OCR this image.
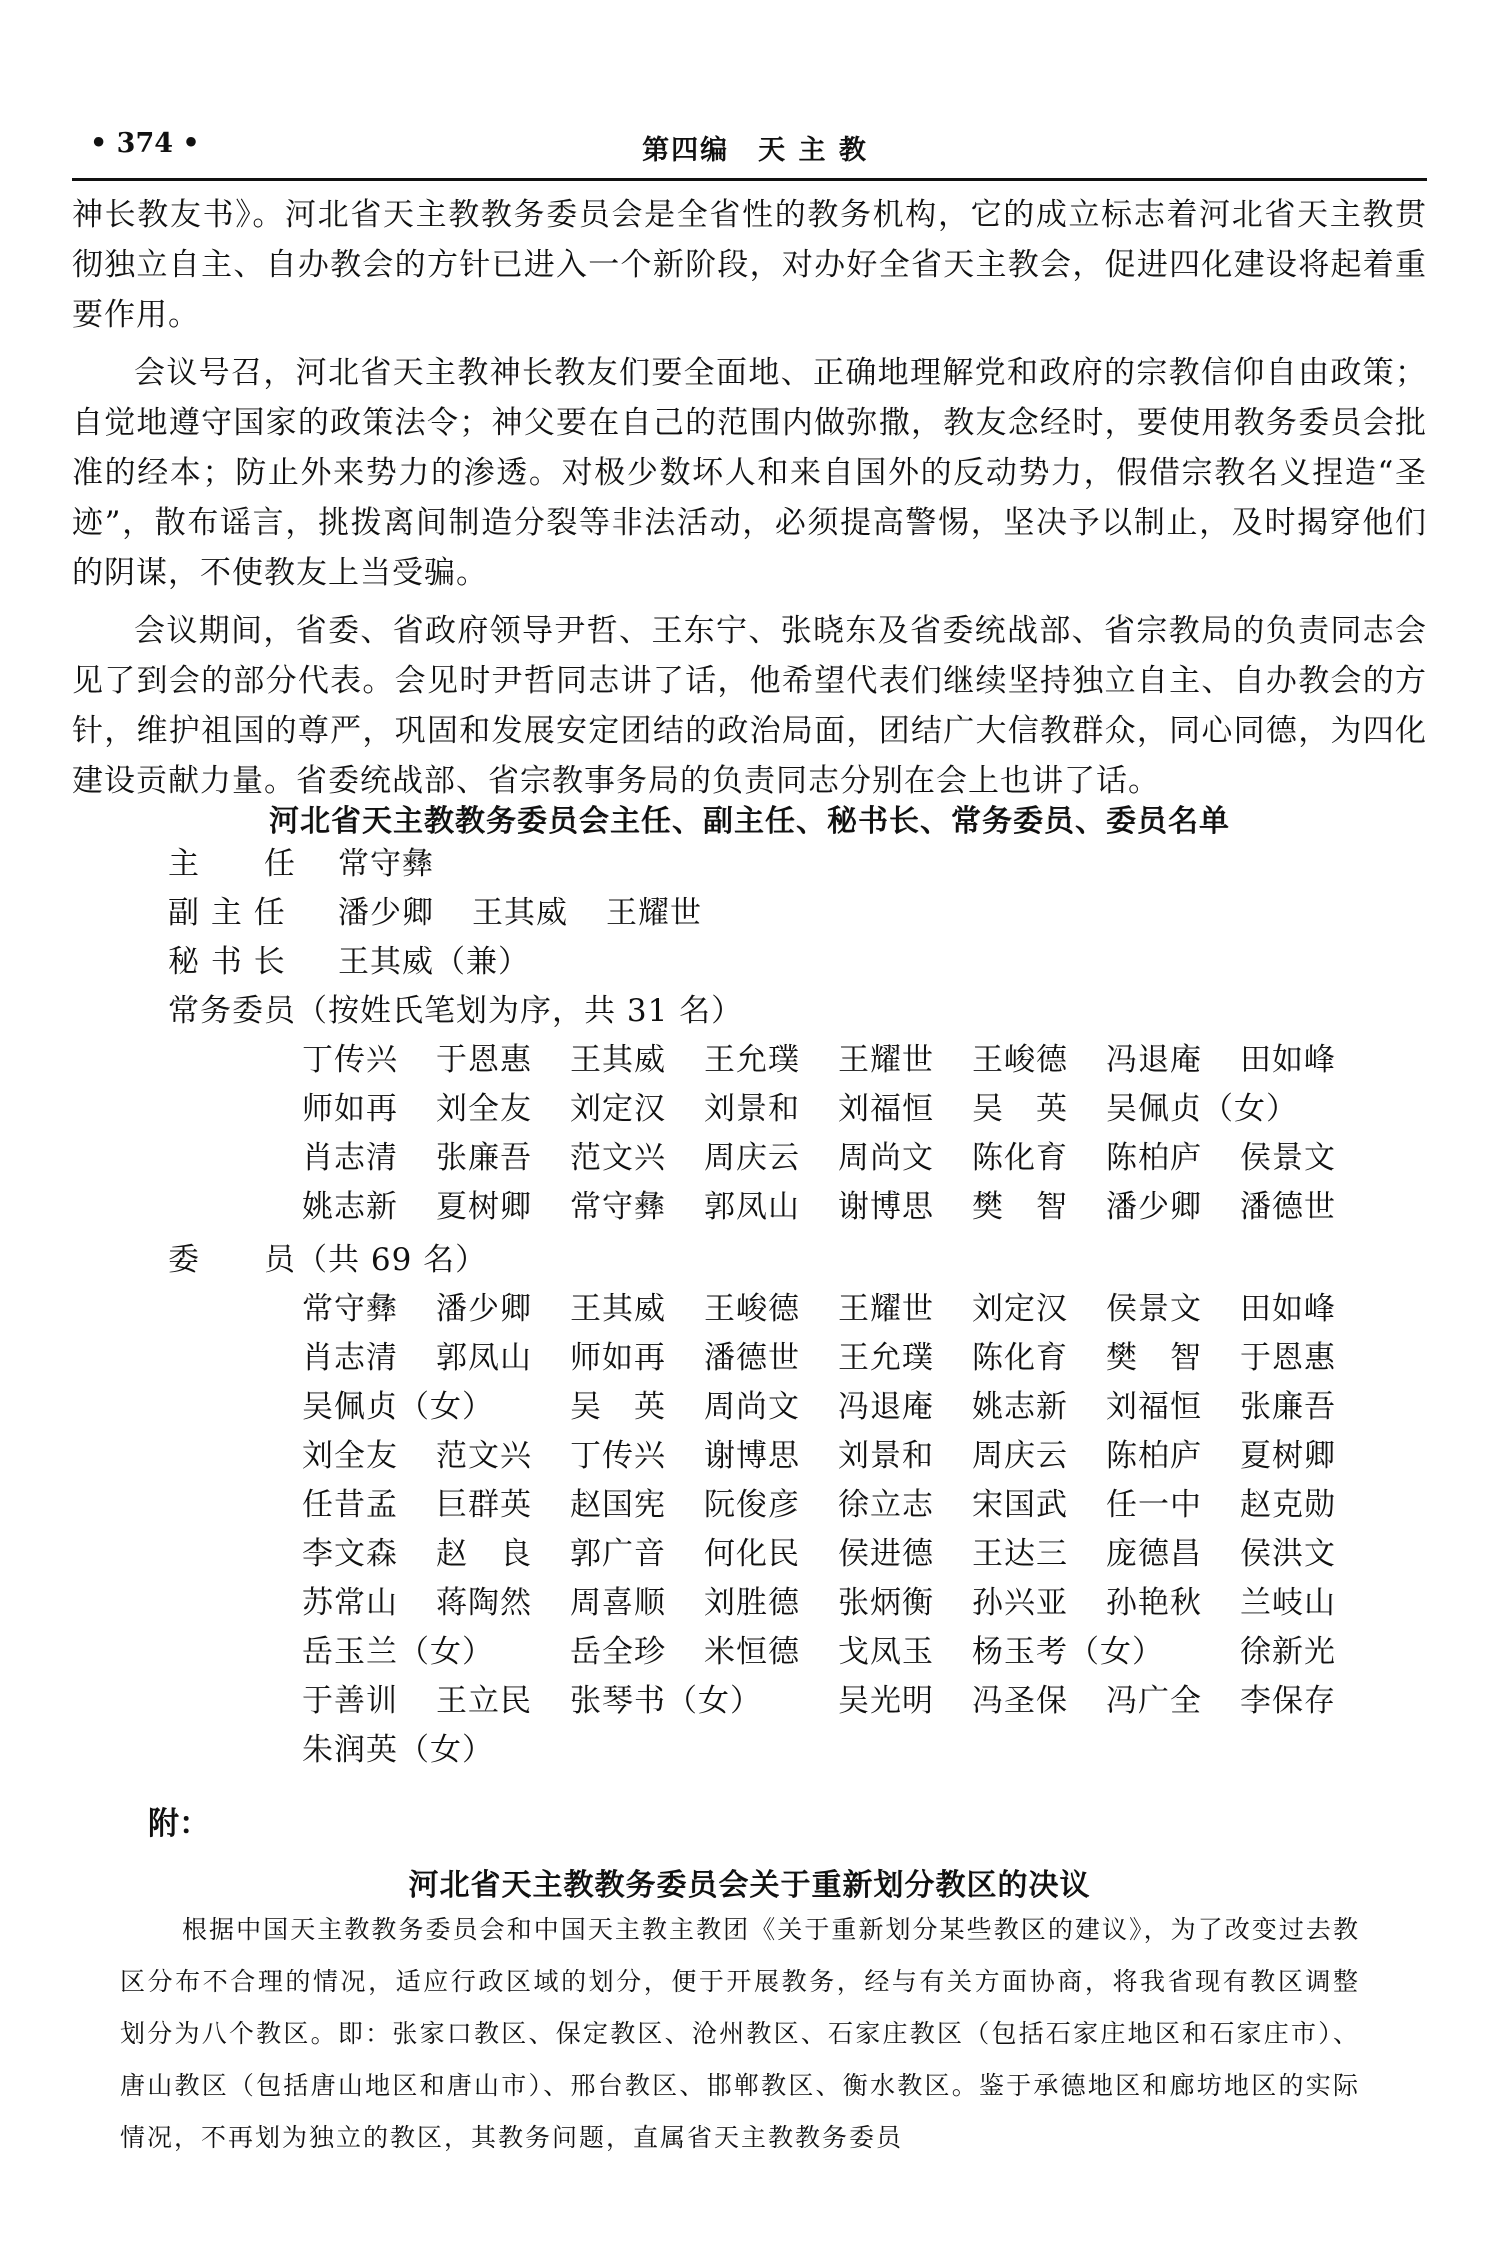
• 374 •	第四编　天 主 教

神长教友书》。河北省天主教教务委员会是全省性的教务机构，它的成立标志着河北省天主教贯彻独立自主、自办教会的方针已进入一个新阶段，对办好全省天主教会，促进四化建设将起着重要作用。

会议号召，河北省天主教神长教友们要全面地、正确地理解党和政府的宗教信仰自由政策；自觉地遵守国家的政策法令；神父要在自己的范围内做弥撒，教友念经时，要使用教务委员会批准的经本；防止外来势力的渗透。对极少数坏人和来自国外的反动势力，假借宗教名义捏造“圣迹”，散布谣言，挑拨离间制造分裂等非法活动，必须提高警惕，坚决予以制止，及时揭穿他们的阴谋，不使教友上当受骗。

会议期间，省委、省政府领导尹哲、王东宁、张晓东及省委统战部、省宗教局的负责同志会见了到会的部分代表。会见时尹哲同志讲了话，他希望代表们继续坚持独立自主、自办教会的方针，维护祖国的尊严，巩固和发展安定团结的政治局面，团结广大信教群众，同心同德，为四化建设贡献力量。省委统战部、省宗教事务局的负责同志分别在会上也讲了话。

河北省天主教教务委员会主任、副主任、秘书长、常务委员、委员名单
主　　任 常守彝
副 主 任 潘少卿 王其威 王耀世
秘 书 长 王其威（兼）
常务委员（按姓氏笔划为序，共 31 名）
丁传兴 于恩惠 王其威 王允璞 王耀世 王峻德 冯退庵 田如峰
师如再 刘全友 刘定汉 刘景和 刘福恒 吴　英 吴佩贞（女）
肖志清 张廉吾 范文兴 周庆云 周尚文 陈化育 陈柏庐 侯景文
姚志新 夏树卿 常守彝 郭凤山 谢博思 樊　智 潘少卿 潘德世
委　　员（共 69 名）
常守彝 潘少卿 王其威 王峻德 王耀世 刘定汉 侯景文 田如峰
肖志清 郭凤山 师如再 潘德世 王允璞 陈化育 樊　智 于恩惠
吴佩贞（女） 吴　英 周尚文 冯退庵 姚志新 刘福恒 张廉吾
刘全友 范文兴 丁传兴 谢博思 刘景和 周庆云 陈柏庐 夏树卿
任昔孟 巨群英 赵国宪 阮俊彦 徐立志 宋国武 任一中 赵克勋
李文森 赵　良 郭广音 何化民 侯进德 王达三 庞德昌 侯洪文
苏常山 蒋陶然 周喜顺 刘胜德 张炳衡 孙兴亚 孙艳秋 兰岐山
岳玉兰（女） 岳全珍 米恒德 戈凤玉 杨玉考（女） 徐新光
于善训 王立民 张琴书（女） 吴光明 冯圣保 冯广全 李保存
朱润英（女）
附：
河北省天主教教务委员会关于重新划分教区的决议

根据中国天主教教务委员会和中国天主教主教团《关于重新划分某些教区的建议》，为了改变过去教区分布不合理的情况，适应行政区域的划分，便于开展教务，经与有关方面协商，将我省现有教区调整划分为八个教区。即：张家口教区、保定教区、沧州教区、石家庄教区（包括石家庄地区和石家庄市）、唐山教区（包括唐山地区和唐山市）、邢台教区、邯郸教区、衡水教区。鉴于承德地区和廊坊地区的实际情况，不再划为独立的教区，其教务问题，直属省天主教教务委员
